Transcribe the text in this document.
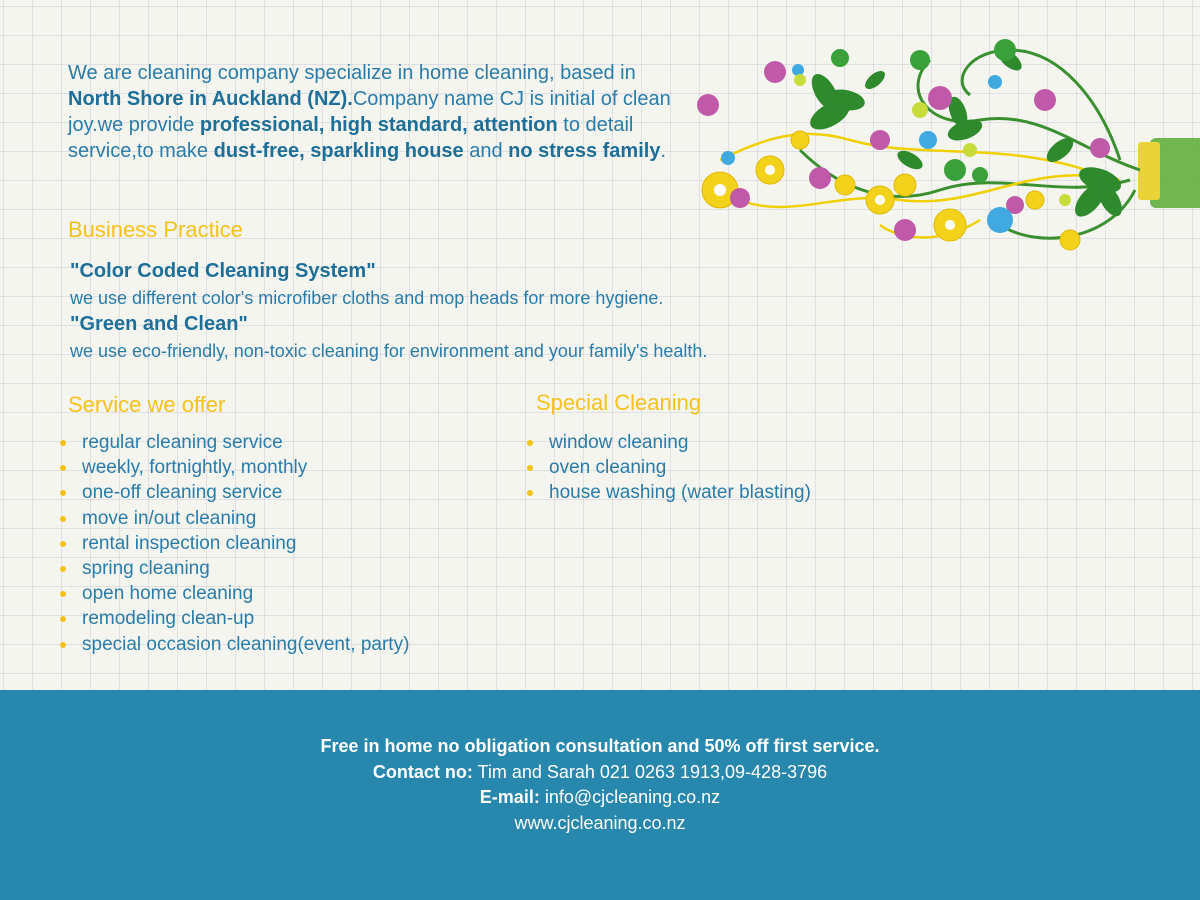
We are cleaning company specialize in home cleaning, based in North Shore in Auckland (NZ).Company name CJ is initial of clean joy.we provide professional, high standard, attention to detail service,to make dust-free, sparkling house and no stress family.

Business Practice
"Color Coded Cleaning System"
we use different color's microfiber cloths and mop heads for more hygiene.
"Green and Clean"
we use eco-friendly, non-toxic cleaning for environment and your family's health.
Service we offer
regular cleaning service
weekly, fortnightly, monthly
one-off cleaning service
move in/out cleaning
rental inspection cleaning
spring cleaning
open home cleaning
remodeling clean-up
special occasion cleaning(event, party)
Special Cleaning
window cleaning
oven cleaning
house washing (water blasting)
Free in home no obligation consultation and 50% off first service.
Contact no: Tim and Sarah 021 0263 1913,09-428-3796
E-mail: info@cjcleaning.co.nz
www.cjcleaning.co.nz
